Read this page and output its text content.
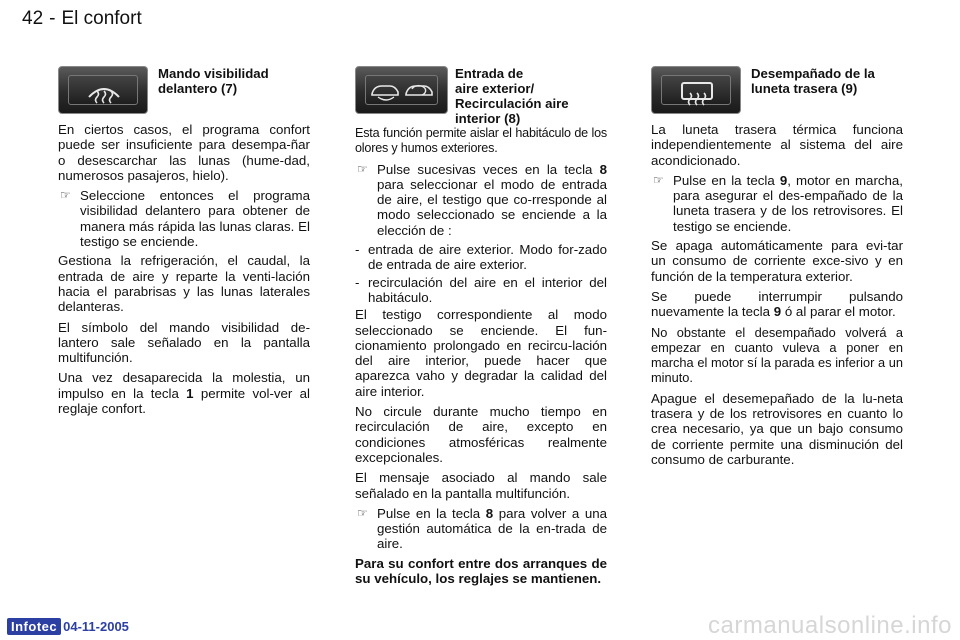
42 - El confort
Mando visibilidad
delantero (7)

En ciertos casos, el programa confort puede ser insuficiente para desempa-ñar o desescarchar las lunas (hume-dad, numerosos pasajeros, hielo).

☞ Seleccione entonces el programa visibilidad delantero para obtener de manera más rápida las lunas claras. El testigo se enciende.

Gestiona la refrigeración, el caudal, la entrada de aire y reparte la venti-lación hacia el parabrisas y las lunas laterales delanteras.

El símbolo del mando visibilidad de-lantero sale señalado en la pantalla multifunción.

Una vez desaparecida la molestia, un impulso en la tecla 1 permite vol-ver al reglaje confort.

Entrada de
aire exterior/
Recirculación aire
interior (8)

Esta función permite aislar el habitáculo de los olores y humos exteriores.

☞ Pulse sucesivas veces en la tecla 8 para seleccionar el modo de entrada de aire, el testigo que co-rresponde al modo seleccionado se enciende a la elección de :
- entrada de aire exterior. Modo for-zado de entrada de aire exterior.
- recirculación del aire en el interior del habitáculo.

El testigo correspondiente al modo seleccionado se enciende. El fun-cionamiento prolongado en recircu-lación del aire interior, puede hacer que aparezca vaho y degradar la calidad del aire interior.

No circule durante mucho tiempo en recirculación de aire, excepto en condiciones atmosféricas realmente excepcionales.

El mensaje asociado al mando sale señalado en la pantalla multifunción.

☞ Pulse en la tecla 8 para volver a una gestión automática de la en-trada de aire.

Para su confort entre dos arranques de su vehículo, los reglajes se mantienen.

Desempañado de la
luneta trasera (9)

La luneta trasera térmica funciona independientemente al sistema del aire acondicionado.

☞ Pulse en la tecla 9, motor en marcha, para asegurar el des-empañado de la luneta trasera y de los retrovisores. El testigo se enciende.

Se apaga automáticamente para evi-tar un consumo de corriente exce-sivo y en función de la temperatura exterior.

Se puede interrumpir pulsando nuevamente la tecla 9 ó al parar el motor.

No obstante el desempañado volverá a empezar en cuanto vuleva a poner en marcha el motor sí la parada es inferior a un minuto.

Apague el desemepañado de la lu-neta trasera y de los retrovisores en cuanto lo crea necesario, ya que un bajo consumo de corriente permite una disminución del consumo de carburante.

Infotec 04-11-2005	carmanualsonline.info
